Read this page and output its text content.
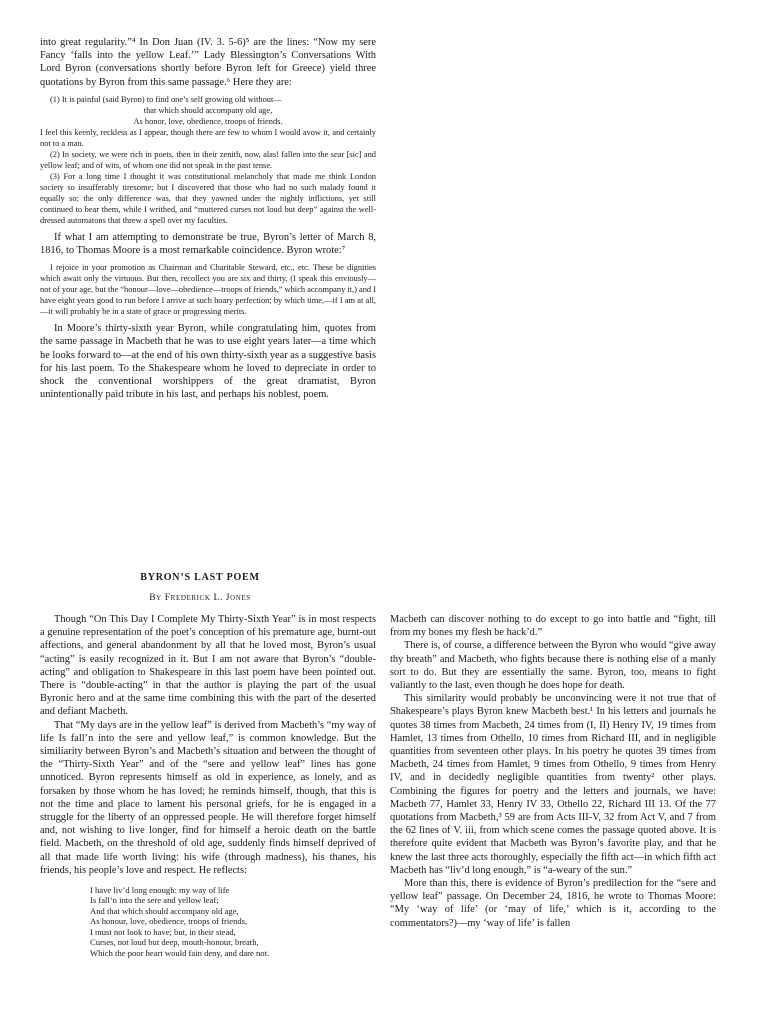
into great regularity.”⁴ In Don Juan (IV. 3. 5-6)⁵ are the lines: “Now my sere Fancy ‘falls into the yellow Leaf.’” Lady Blessington’s Conversations With Lord Byron (conversations shortly before Byron left for Greece) yield three quotations by Byron from this same passage.⁶ Here they are:

(1) It is painful (said Byron) to find one’s self growing old without—

that which should accompany old age,

As honor, love, obedience, troops of friends.

I feel this keenly, reckless as I appear, though there are few to whom I would avow it, and certainly not to a man.

(2) In society, we were rich in poets, then in their zenith, now, alas! fallen into the sear [sic] and yellow leaf; and of wits, of whom one did not speak in the past tense.

(3) For a long time I thought it was constitutional melancholy that made me think London society so insufferably tiresome; but I discovered that those who had no such malady found it equally so; the only difference was, that they yawned under the nightly inflictions, yet still continued to bear them, while I writhed, and “muttered curses not loud but deep” against the well-dressed automatons that threw a spell over my faculties.

If what I am attempting to demonstrate be true, Byron’s letter of March 8, 1816, to Thomas Moore is a most remarkable coincidence. Byron wrote:⁷

I rejoice in your promotion as Chairman and Charitable Steward, etc., etc. These be dignities which await only the virtuous. But then, recollect you are six and thirty, (I speak this enviously—not of your age, but the “honour—love—obedience—troops of friends,” which accompany it,) and I have eight years good to run before I arrive at such hoary perfection; by which time,—if I am at all,—it will probably be in a state of grace or progressing merits.

In Moore’s thirty-sixth year Byron, while congratulating him, quotes from the same passage in Macbeth that he was to use eight years later—a time which he looks forward to—at the end of his own thirty-sixth year as a suggestive basis for his last poem. To the Shakespeare whom he loved to depreciate in order to shock the conventional worshippers of the great dramatist, Byron unintentionally paid tribute in his last, and perhaps his noblest, poem.

BYRON’S LAST POEM

By Frederick L. Jones

Though “On This Day I Complete My Thirty-Sixth Year” is in most respects a genuine representation of the poet’s conception of his premature age, burnt-out affections, and general abandonment by all that he loved most, Byron’s usual “acting” is easily recognized in it. But I am not aware that Byron’s “double-acting” and obligation to Shakespeare in this last poem have been pointed out. There is “double-acting” in that the author is playing the part of the usual Byronic hero and at the same time combining this with the part of the deserted and defiant Macbeth.

That “My days are in the yellow leaf” is derived from Macbeth’s “my way of life Is fall’n into the sere and yellow leaf,” is common knowledge. But the similiarity between Byron’s and Macbeth’s situation and between the thought of the “Thirty-Sixth Year” and of the “sere and yellow leaf” lines has gone unnoticed. Byron represents himself as old in experience, as lonely, and as forsaken by those whom he has loved; he reminds himself, though, that this is not the time and place to lament his personal griefs, for he is engaged in a struggle for the liberty of an oppressed people. He will therefore forget himself and, not wishing to live longer, find for himself a heroic death on the battle field. Macbeth, on the threshold of old age, suddenly finds himself deprived of all that made life worth living: his wife (through madness), his thanes, his friends, his people’s love and respect. He reflects:

I have liv’d long enough: my way of life
Is fall’n into the sere and yellow leaf;
And that which should accompany old age,
As honour, love, obedience, troops of friends,
I must not look to have; but, in their stead,
Curses, not loud but deep, mouth-honour, breath,
Which the poor heart would fain deny, and dare not.

Macbeth can discover nothing to do except to go into battle and “fight, till from my bones my flesh be hack’d.”

There is, of course, a difference between the Byron who would “give away thy breath” and Macbeth, who fights because there is nothing else of a manly sort to do. But they are essentially the same. Byron, too, means to fight valiantly to the last, even though he does hope for death.

This similarity would probably be unconvincing were it not true that of Shakespeare’s plays Byron knew Macbeth best.¹ In his letters and journals he quotes 38 times from Macbeth, 24 times from (I, II) Henry IV, 19 times from Hamlet, 13 times from Othello, 10 times from Richard III, and in negligible quantities from seventeen other plays. In his poetry he quotes 39 times from Macbeth, 24 times from Hamlet, 9 times from Othello, 9 times from Henry IV, and in decidedly negligible quantities from twenty² other plays. Combining the figures for poetry and the letters and journals, we have: Macbeth 77, Hamlet 33, Henry IV 33, Othello 22, Richard III 13. Of the 77 quotations from Macbeth,³ 59 are from Acts III-V, 32 from Act V, and 7 from the 62 lines of V. iii, from which scene comes the passage quoted above. It is therefore quite evident that Macbeth was Byron’s favorite play, and that he knew the last three acts thoroughly, especially the fifth act—in which fifth act Macbeth has “liv’d long enough,” is “a-weary of the sun.”

More than this, there is evidence of Byron’s predilection for the “sere and yellow leaf” passage. On December 24, 1816, he wrote to Thomas Moore: “My ‘way of life’ (or ‘may of life,’ which is it, according to the commentators?)—my ‘way of life’ is fallen
